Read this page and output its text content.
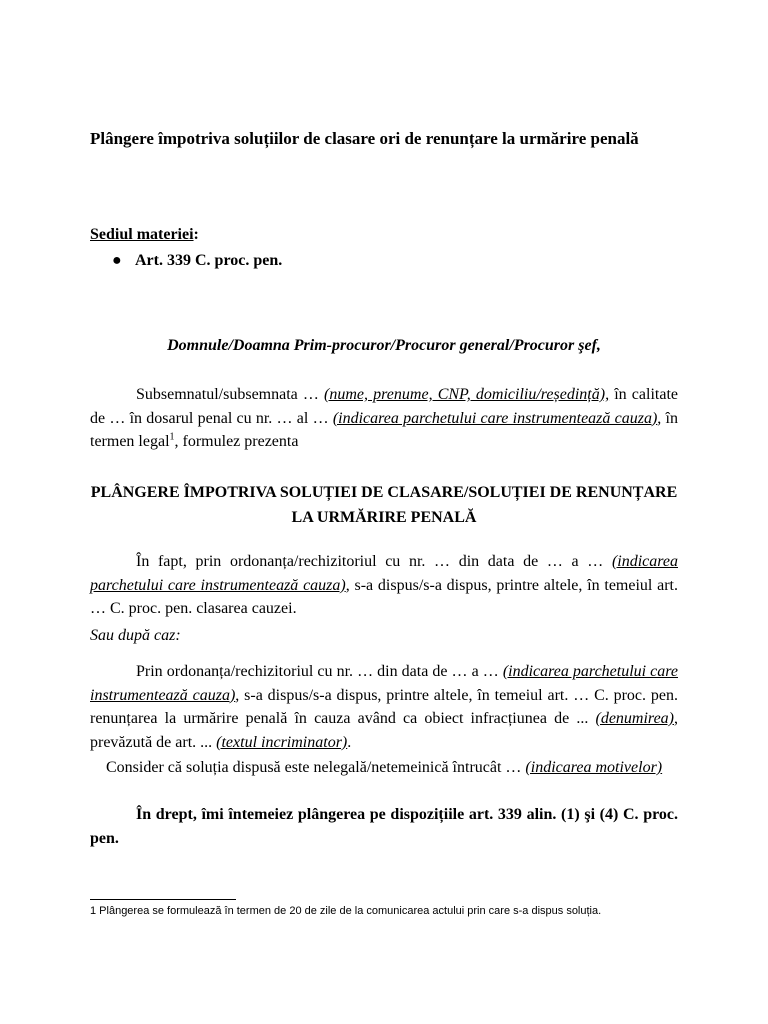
Plângere împotriva soluțiilor de clasare ori de renunțare la urmărire penală
Sediul materiei:
● Art. 339 C. proc. pen.
Domnule/Doamna Prim-procuror/Procuror general/Procuror şef,
Subsemnatul/subsemnata … (nume, prenume, CNP, domiciliu/reședință), în calitate de … în dosarul penal cu nr. … al … (indicarea parchetului care instrumentează cauza), în termen legal$^1$, formulez prezenta
PLÂNGERE ÎMPOTRIVA SOLUȚIEI DE CLASARE/SOLUȚIEI DE RENUNȚARE LA URMĂRIRE PENALĂ
În fapt, prin ordonanța/rechizitoriul cu nr. … din data de … a … (indicarea parchetului care instrumentează cauza), s-a dispus/s-a dispus, printre altele, în temeiul art. … C. proc. pen. clasarea cauzei.
Sau după caz:
Prin ordonanța/rechizitoriul cu nr. … din data de … a … (indicarea parchetului care instrumentează cauza), s-a dispus/s-a dispus, printre altele, în temeiul art. … C. proc. pen. renunțarea la urmărire penală în cauza având ca obiect infracțiunea de ... (denumirea), prevăzută de art. ... (textul incriminator).
Consider că soluția dispusă este nelegală/netemeinică întrucât … (indicarea motivelor)
În drept, îmi întemeiez plângerea pe dispozițiile art. 339 alin. (1) şi (4) C. proc. pen.
1 Plângerea se formulează în termen de 20 de zile de la comunicarea actului prin care s-a dispus soluția.
